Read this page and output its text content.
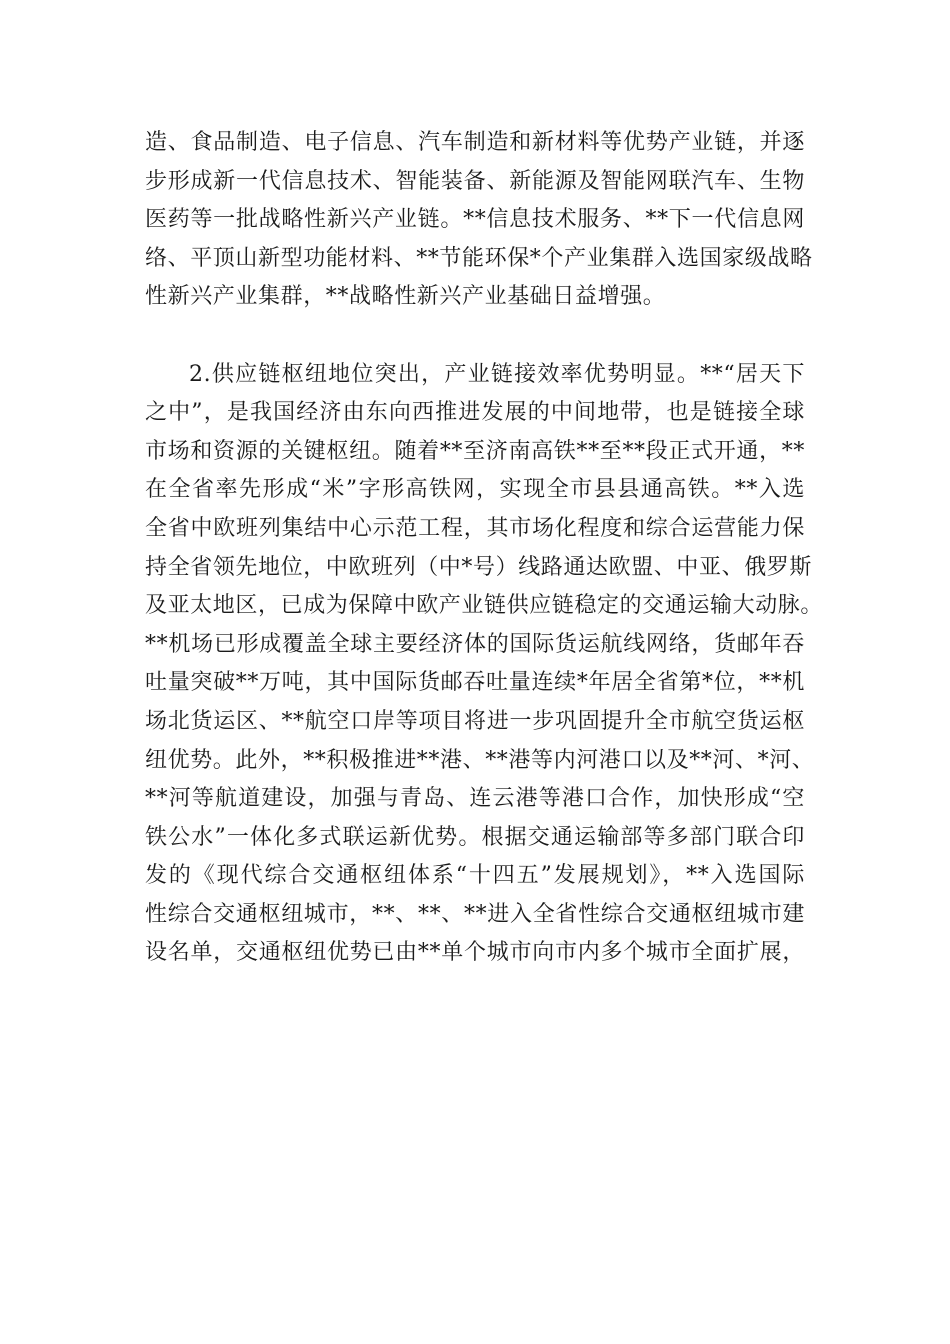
造、食品制造、电子信息、汽车制造和新材料等优势产业链，并逐
步形成新一代信息技术、智能装备、新能源及智能网联汽车、生物
医药等一批战略性新兴产业链。**信息技术服务、**下一代信息网
络、平顶山新型功能材料、**节能环保*个产业集群入选国家级战略
性新兴产业集群，**战略性新兴产业基础日益增强。
2.供应链枢纽地位突出，产业链接效率优势明显。**“居天下
之中”，是我国经济由东向西推进发展的中间地带，也是链接全球
市场和资源的关键枢纽。随着**至济南高铁**至**段正式开通，**
在全省率先形成“米”字形高铁网，实现全市县县通高铁。**入选
全省中欧班列集结中心示范工程，其市场化程度和综合运营能力保
持全省领先地位，中欧班列（中*号）线路通达欧盟、中亚、俄罗斯
及亚太地区，已成为保障中欧产业链供应链稳定的交通运输大动脉。
**机场已形成覆盖全球主要经济体的国际货运航线网络，货邮年吞
吐量突破**万吨，其中国际货邮吞吐量连续*年居全省第*位，**机
场北货运区、**航空口岸等项目将进一步巩固提升全市航空货运枢
纽优势。此外，**积极推进**港、**港等内河港口以及**河、*河、
**河等航道建设，加强与青岛、连云港等港口合作，加快形成“空
铁公水”一体化多式联运新优势。根据交通运输部等多部门联合印
发的《现代综合交通枢纽体系“十四五”发展规划》，**入选国际
性综合交通枢纽城市，**、**、**进入全省性综合交通枢纽城市建
设名单，交通枢纽优势已由**单个城市向市内多个城市全面扩展，
